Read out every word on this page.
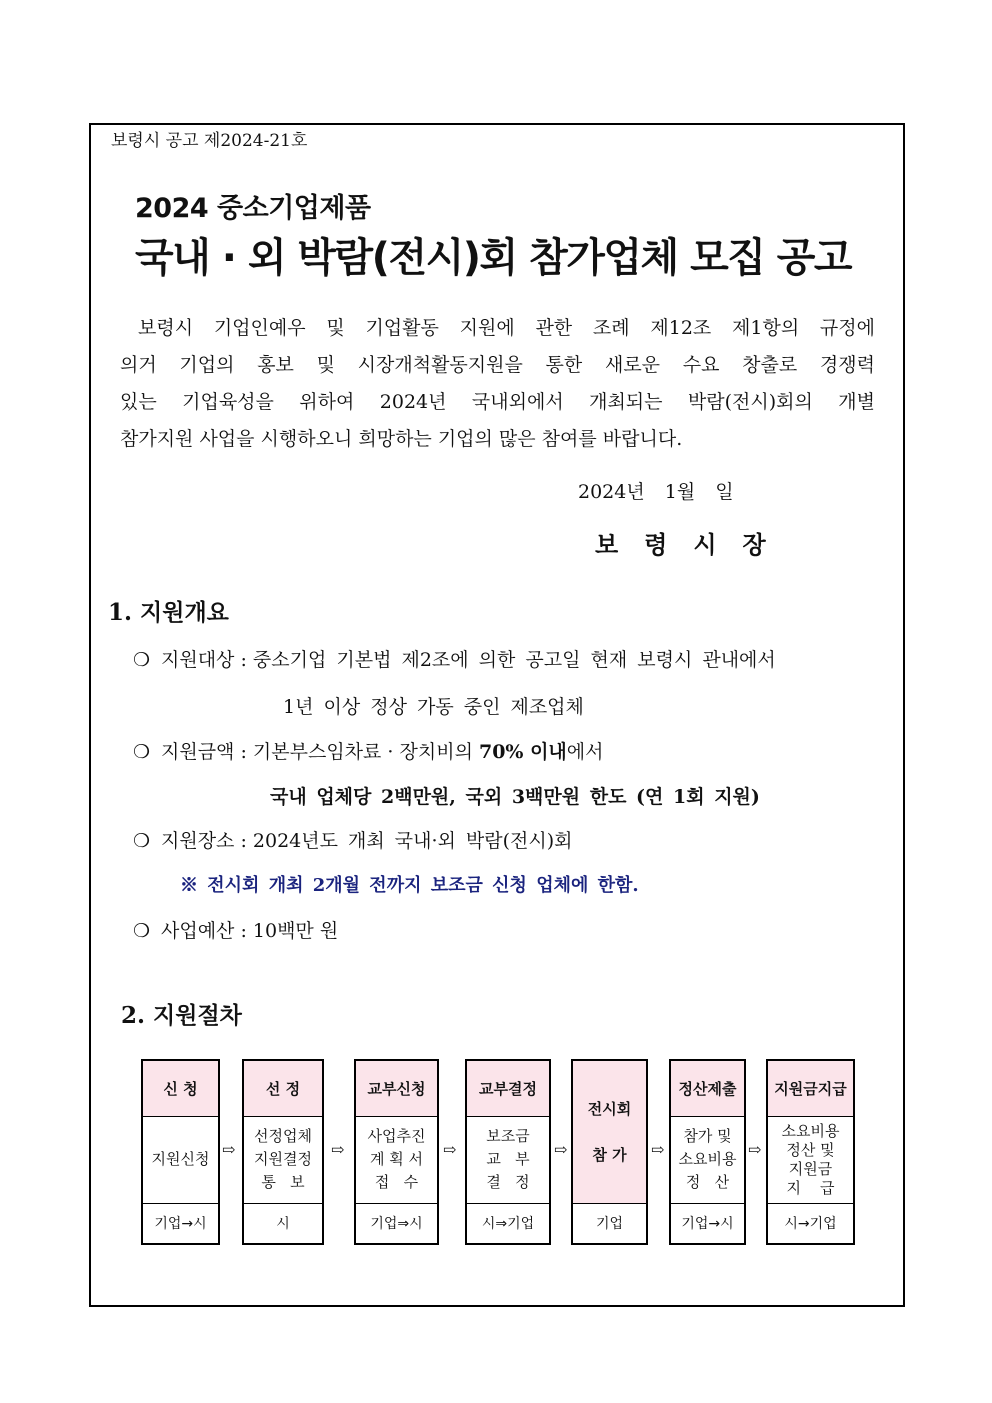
보령시 공고 제2024-21호
2024 중소기업제품
국내 · 외 박람(전시)회 참가업체 모집 공고

보령시 기업인예우 및 기업활동 지원에 관한 조례 제12조 제1항의 규정에

의거 기업의 홍보 및 시장개척활동지원을 통한 새로운 수요 창출로 경쟁력

있는 기업육성을 위하여 2024년 국내외에서 개최되는 박람(전시)회의 개별

참가지원 사업을 시행하오니 희망하는 기업의 많은 참여를 바랍니다.

2024년 1월 일
보령시장
1. 지원개요
❍ 지원대상 : 중소기업 기본법 제2조에 의한 공고일 현재 보령시 관내에서
1년 이상 정상 가동 중인 제조업체
❍ 지원금액 : 기본부스임차료 · 장치비의 70% 이내에서
국내 업체당 2백만원, 국외 3백만원 한도 (연 1회 지원)
❍ 지원장소 : 2024년도 개최 국내·외 박람(전시)회
※ 전시회 개최 2개월 전까지 보조금 신청 업체에 한함.
❍ 사업예산 : 10백만 원
2. 지원절차
신 청
지원신청
기업→시
⇨
선 정
선정업체
지원결정
통   보
시
⇨
교부신청
사업추진
계 획 서
접   수
기업⇒시
⇨
교부결정
보조금
교   부
결   정
시⇒기업
⇨
전시회
참 가
기업
⇨
정산제출
참가 및
소요비용
정   산
기업→시
⇨
지원금지급
소요비용
정산 및
지원금
지    급
시→기업
